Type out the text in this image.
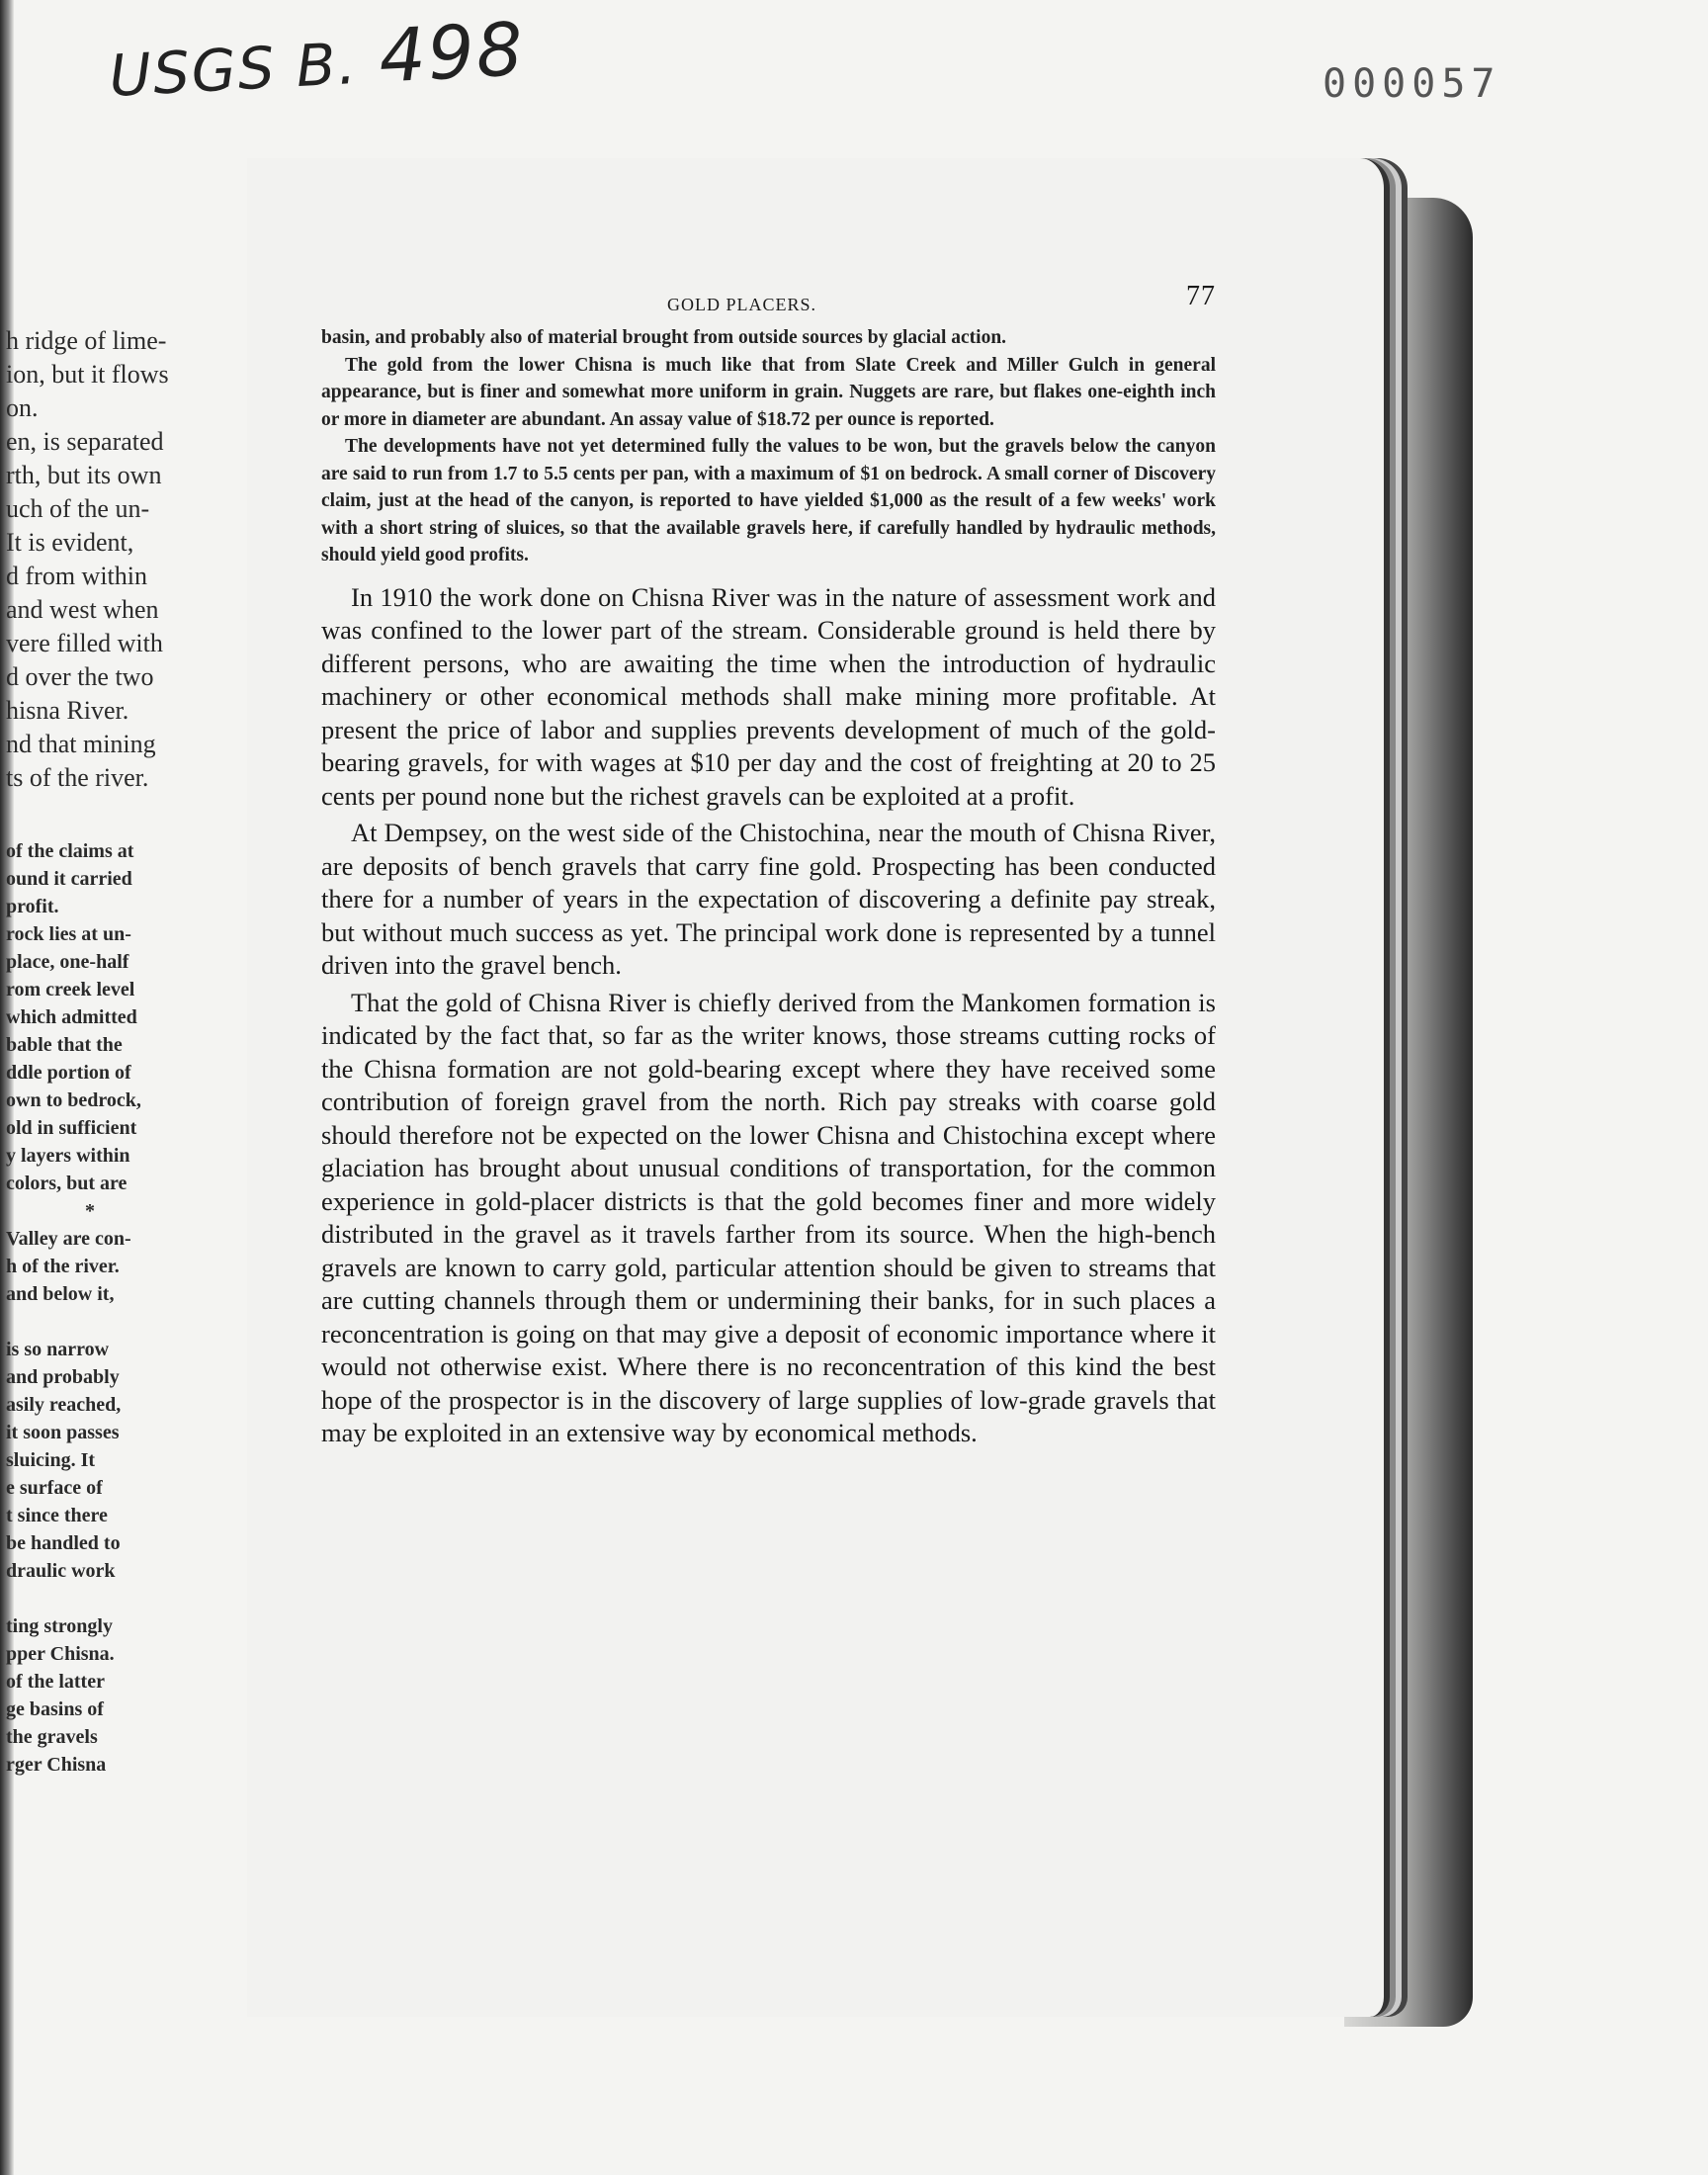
USGS B. 498	000057
h ridge of lime-
ion, but it flows
on.
en, is separated
rth, but its own
uch of the un-
It is evident,
d from within
and west when
vere filled with
d over the two
hisna River.
nd that mining
ts of the river.
of the claims at
ound it carried
profit.
rock lies at un-
place, one-half
rom creek level
which admitted
bable that the
ddle portion of
own to bedrock,
old in sufficient
y layers within
colors, but are
*
Valley are con-
h of the river.
and below it,
is so narrow
and probably
asily reached,
it soon passes
sluicing. It
e surface of
t since there
be handled to
draulic work
ting strongly
pper Chisna.
of the latter
ge basins of
the gravels
rger Chisna
GOLD PLACERS.	77

basin, and probably also of material brought from outside sources by glacial action.

The gold from the lower Chisna is much like that from Slate Creek and Miller Gulch in general appearance, but is finer and somewhat more uniform in grain. Nuggets are rare, but flakes one-eighth inch or more in diameter are abundant. An assay value of $18.72 per ounce is reported.

The developments have not yet determined fully the values to be won, but the gravels below the canyon are said to run from 1.7 to 5.5 cents per pan, with a maximum of $1 on bedrock. A small corner of Discovery claim, just at the head of the canyon, is reported to have yielded $1,000 as the result of a few weeks' work with a short string of sluices, so that the available gravels here, if carefully handled by hydraulic methods, should yield good profits.

In 1910 the work done on Chisna River was in the nature of assessment work and was confined to the lower part of the stream. Considerable ground is held there by different persons, who are awaiting the time when the introduction of hydraulic machinery or other economical methods shall make mining more profitable. At present the price of labor and supplies prevents development of much of the gold-bearing gravels, for with wages at $10 per day and the cost of freighting at 20 to 25 cents per pound none but the richest gravels can be exploited at a profit.

At Dempsey, on the west side of the Chistochina, near the mouth of Chisna River, are deposits of bench gravels that carry fine gold. Prospecting has been conducted there for a number of years in the expectation of discovering a definite pay streak, but without much success as yet. The principal work done is represented by a tunnel driven into the gravel bench.

That the gold of Chisna River is chiefly derived from the Mankomen formation is indicated by the fact that, so far as the writer knows, those streams cutting rocks of the Chisna formation are not gold-bearing except where they have received some contribution of foreign gravel from the north. Rich pay streaks with coarse gold should therefore not be expected on the lower Chisna and Chistochina except where glaciation has brought about unusual conditions of transportation, for the common experience in gold-placer districts is that the gold becomes finer and more widely distributed in the gravel as it travels farther from its source. When the high-bench gravels are known to carry gold, particular attention should be given to streams that are cutting channels through them or undermining their banks, for in such places a reconcentration is going on that may give a deposit of economic importance where it would not otherwise exist. Where there is no reconcentration of this kind the best hope of the prospector is in the discovery of large supplies of low-grade gravels that may be exploited in an extensive way by economical methods.
